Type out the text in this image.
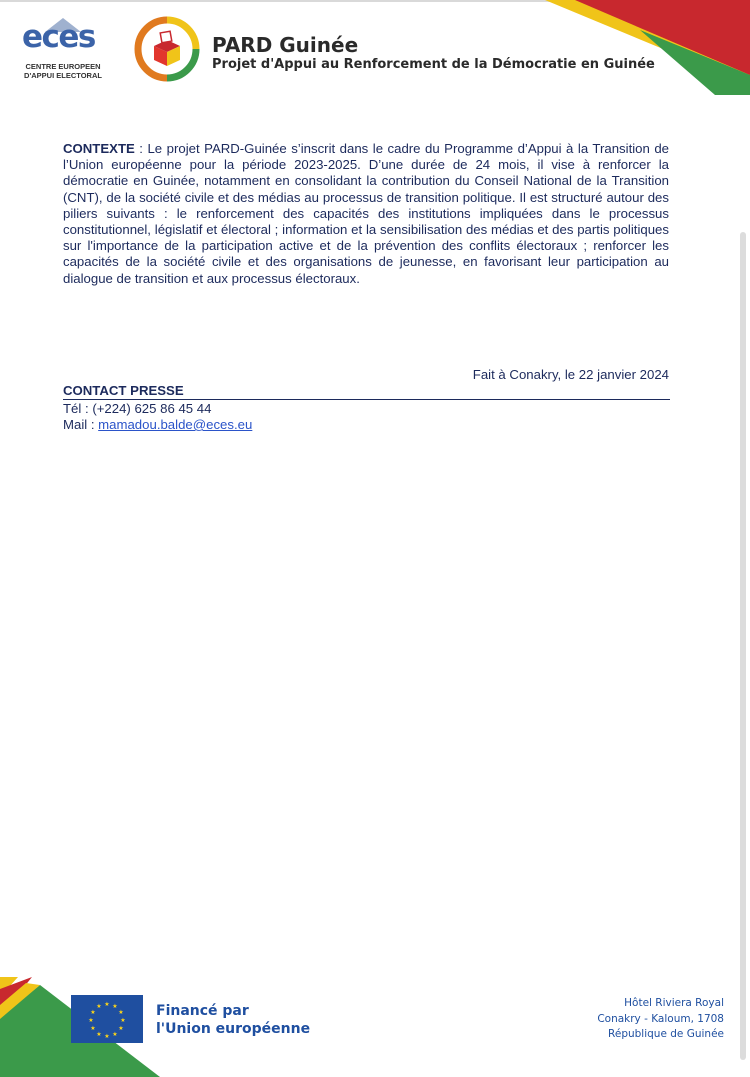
eces
CENTRE EUROPEEN
D'APPUI ELECTORAL
PARD Guinée
Projet d'Appui au Renforcement de la Démocratie en Guinée
CONTEXTE : Le projet PARD-Guinée s’inscrit dans le cadre du Programme d’Appui à la Transition de l’Union européenne pour la période 2023-2025. D’une durée de 24 mois, il vise à renforcer la démocratie en Guinée, notamment en consolidant la contribution du Conseil National de la Transition (CNT), de la société civile et des médias au processus de transition politique. Il est structuré autour des piliers suivants : le renforcement des capacités des institutions impliquées dans le processus constitutionnel, législatif et électoral ; information et la sensibilisation des médias et des partis politiques sur l'importance de la participation active et de la prévention des conflits électoraux ; renforcer les capacités de la société civile et des organisations de jeunesse, en favorisant leur participation au dialogue de transition et aux processus électoraux.
Fait à Conakry, le 22 janvier 2024
CONTACT PRESSE
Tél : (+224) 625 86 45 44
Mail : mamadou.balde@eces.eu
★ ★
★
★
★
★
★
★
★
★
★
★	Financé par
l'Union européenne
Hôtel Riviera Royal
Conakry - Kaloum, 1708
République de Guinée
